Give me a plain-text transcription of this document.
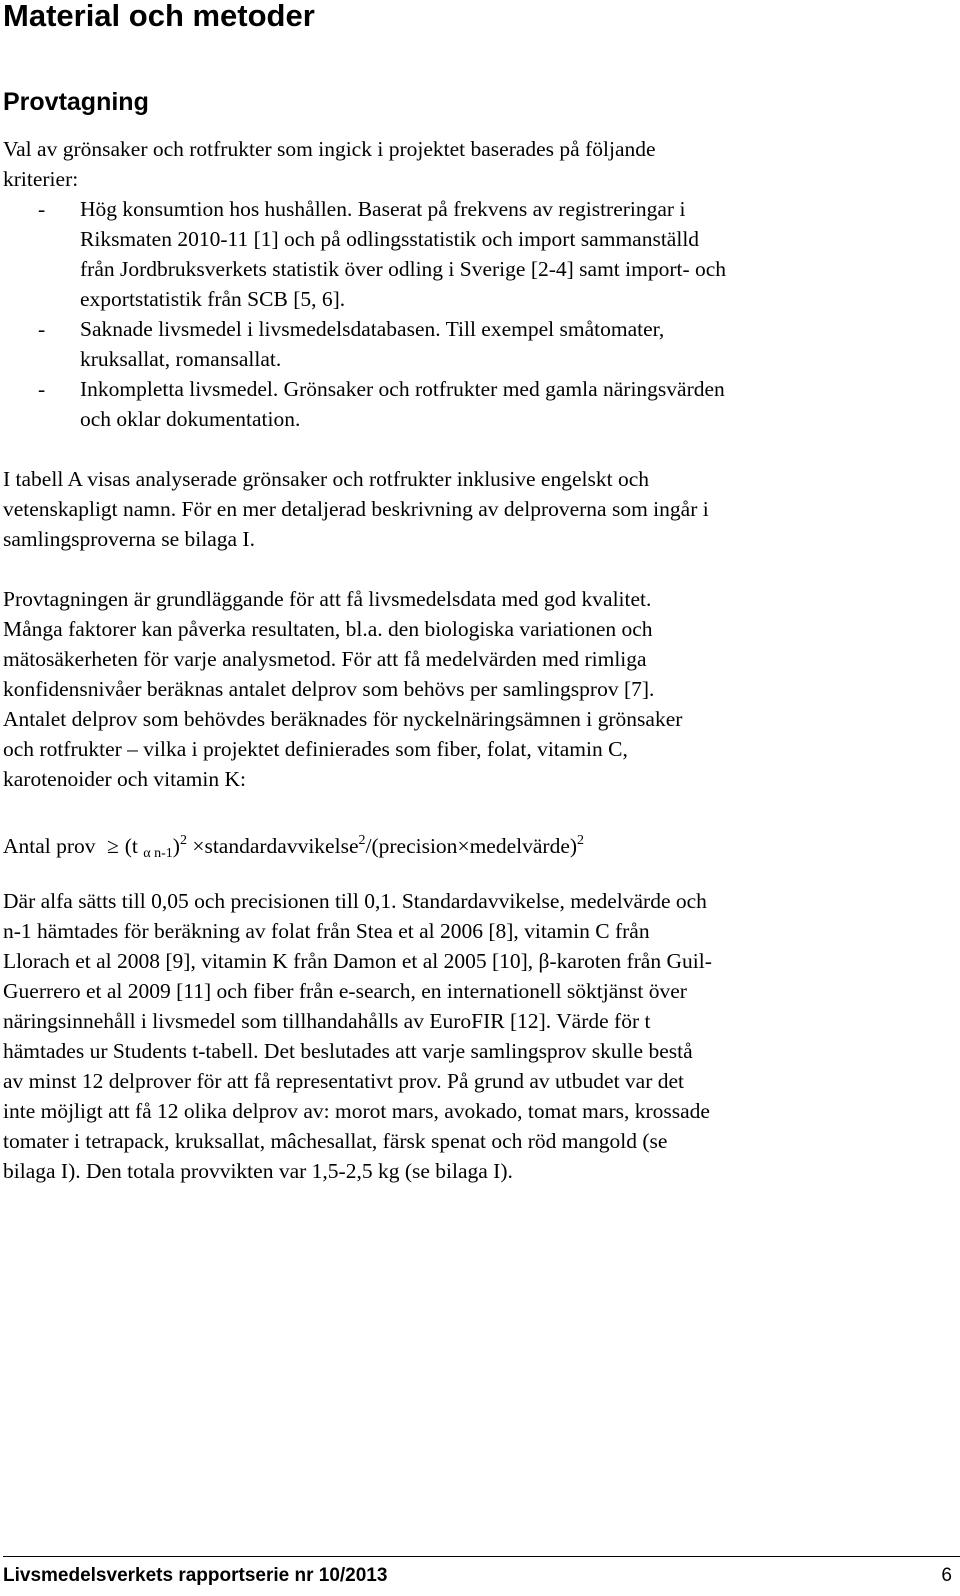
Material och metoder
Provtagning
Val av grönsaker och rotfrukter som ingick i projektet baserades på följande
kriterier:
- Hög konsumtion hos hushållen. Baserat på frekvens av registreringar i
Riksmaten 2010-11 [1] och på odlingsstatistik och import sammanställd
från Jordbruksverkets statistik över odling i Sverige [2-4] samt import- och
exportstatistik från SCB [5, 6].
- Saknade livsmedel i livsmedelsdatabasen. Till exempel småtomater,
kruksallat, romansallat.
- Inkompletta livsmedel. Grönsaker och rotfrukter med gamla näringsvärden
och oklar dokumentation.
I tabell A visas analyserade grönsaker och rotfrukter inklusive engelskt och
vetenskapligt namn. För en mer detaljerad beskrivning av delproverna som ingår i
samlingsproverna se bilaga I.
Provtagningen är grundläggande för att få livsmedelsdata med god kvalitet.
Många faktorer kan påverka resultaten, bl.a. den biologiska variationen och
mätosäkerheten för varje analysmetod. För att få medelvärden med rimliga
konfidensnivåer beräknas antalet delprov som behövs per samlingsprov [7].
Antalet delprov som behövdes beräknades för nyckelnäringsämnen i grönsaker
och rotfrukter – vilka i projektet definierades som fiber, folat, vitamin C,
karotenoider och vitamin K:
Antal prov ≥ (t $_{\alpha n-1}$)$^2$ ×standardavvikelse$^2$/(precision×medelvärde)$^2$
Där alfa sätts till 0,05 och precisionen till 0,1. Standardavvikelse, medelvärde och
n-1 hämtades för beräkning av folat från Stea et al 2006 [8], vitamin C från
Llorach et al 2008 [9], vitamin K från Damon et al 2005 [10], β-karoten från Guil-
Guerrero et al 2009 [11] och fiber från e-search, en internationell söktjänst över
näringsinnehåll i livsmedel som tillhandahålls av EuroFIR [12]. Värde för t
hämtades ur Students t-tabell. Det beslutades att varje samlingsprov skulle bestå
av minst 12 delprover för att få representativt prov. På grund av utbudet var det
inte möjligt att få 12 olika delprov av: morot mars, avokado, tomat mars, krossade
tomater i tetrapack, kruksallat, mâchesallat, färsk spenat och röd mangold (se
bilaga I). Den totala provvikten var 1,5-2,5 kg (se bilaga I).
Livsmedelsverkets rapportserie nr 10/2013	6
